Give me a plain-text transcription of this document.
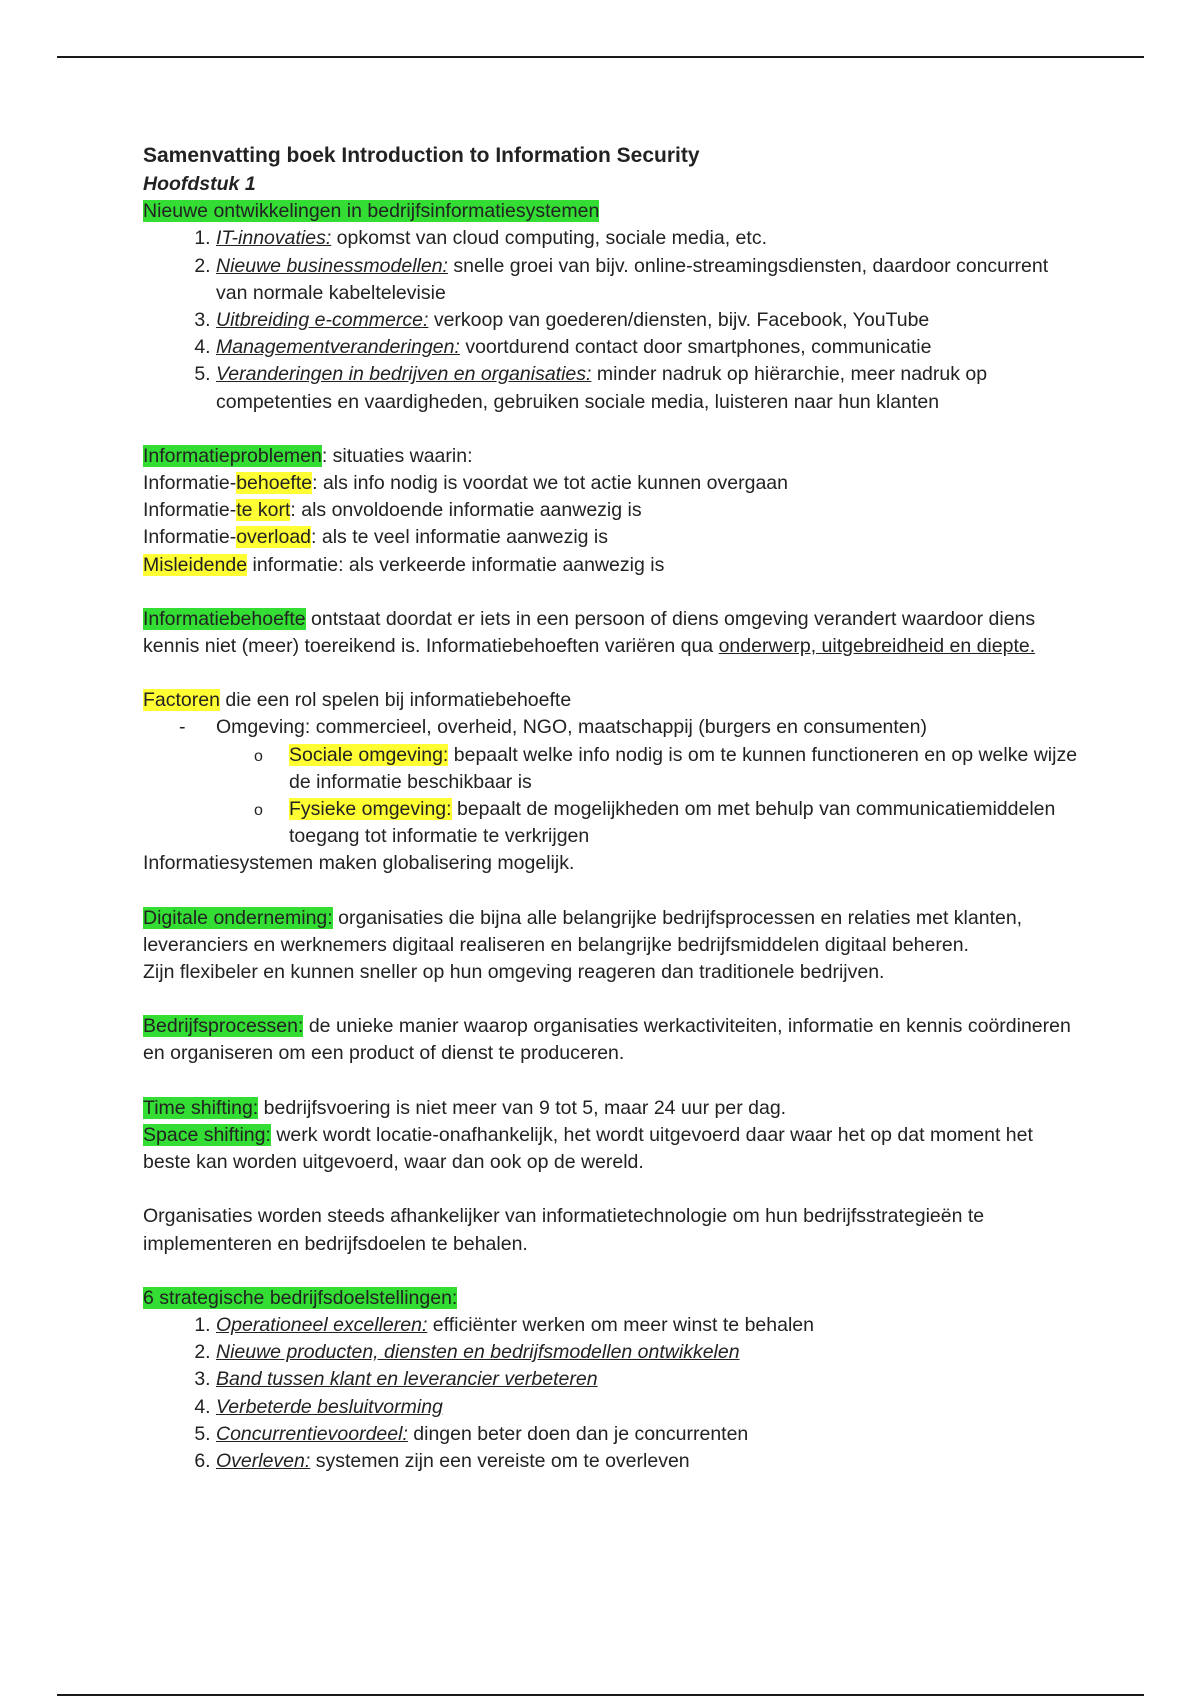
Samenvatting boek Introduction to Information Security
Hoofdstuk 1
Nieuwe ontwikkelingen in bedrijfsinformatiesystemen
1. IT-innovaties: opkomst van cloud computing, sociale media, etc.
2. Nieuwe businessmodellen: snelle groei van bijv. online-streamingsdiensten, daardoor concurrent van normale kabeltelevisie
3. Uitbreiding e-commerce: verkoop van goederen/diensten, bijv. Facebook, YouTube
4. Managementveranderingen: voortdurend contact door smartphones, communicatie
5. Veranderingen in bedrijven en organisaties: minder nadruk op hiërarchie, meer nadruk op competenties en vaardigheden, gebruiken sociale media, luisteren naar hun klanten
Informatieproblemen: situaties waarin:
Informatie-behoefte: als info nodig is voordat we tot actie kunnen overgaan
Informatie-te kort: als onvoldoende informatie aanwezig is
Informatie-overload: als te veel informatie aanwezig is
Misleidende informatie: als verkeerde informatie aanwezig is
Informatiebehoefte ontstaat doordat er iets in een persoon of diens omgeving verandert waardoor diens kennis niet (meer) toereikend is. Informatiebehoeften variëren qua onderwerp, uitgebreidheid en diepte.
Factoren die een rol spelen bij informatiebehoefte
- Omgeving: commercieel, overheid, NGO, maatschappij (burgers en consumenten)
o Sociale omgeving: bepaalt welke info nodig is om te kunnen functioneren en op welke wijze de informatie beschikbaar is
o Fysieke omgeving: bepaalt de mogelijkheden om met behulp van communicatiemiddelen toegang tot informatie te verkrijgen
Informatiesystemen maken globalisering mogelijk.
Digitale onderneming: organisaties die bijna alle belangrijke bedrijfsprocessen en relaties met klanten, leveranciers en werknemers digitaal realiseren en belangrijke bedrijfsmiddelen digitaal beheren.
Zijn flexibeler en kunnen sneller op hun omgeving reageren dan traditionele bedrijven.
Bedrijfsprocessen: de unieke manier waarop organisaties werkactiviteiten, informatie en kennis coördineren en organiseren om een product of dienst te produceren.
Time shifting: bedrijfsvoering is niet meer van 9 tot 5, maar 24 uur per dag.
Space shifting: werk wordt locatie-onafhankelijk, het wordt uitgevoerd daar waar het op dat moment het beste kan worden uitgevoerd, waar dan ook op de wereld.
Organisaties worden steeds afhankelijker van informatietechnologie om hun bedrijfsstrategieën te implementeren en bedrijfsdoelen te behalen.
6 strategische bedrijfsdoelstellingen:
1. Operationeel excelleren: efficiënter werken om meer winst te behalen
2. Nieuwe producten, diensten en bedrijfsmodellen ontwikkelen
3. Band tussen klant en leverancier verbeteren
4. Verbeterde besluitvorming
5. Concurrentievoordeel: dingen beter doen dan je concurrenten
6. Overleven: systemen zijn een vereiste om te overleven
